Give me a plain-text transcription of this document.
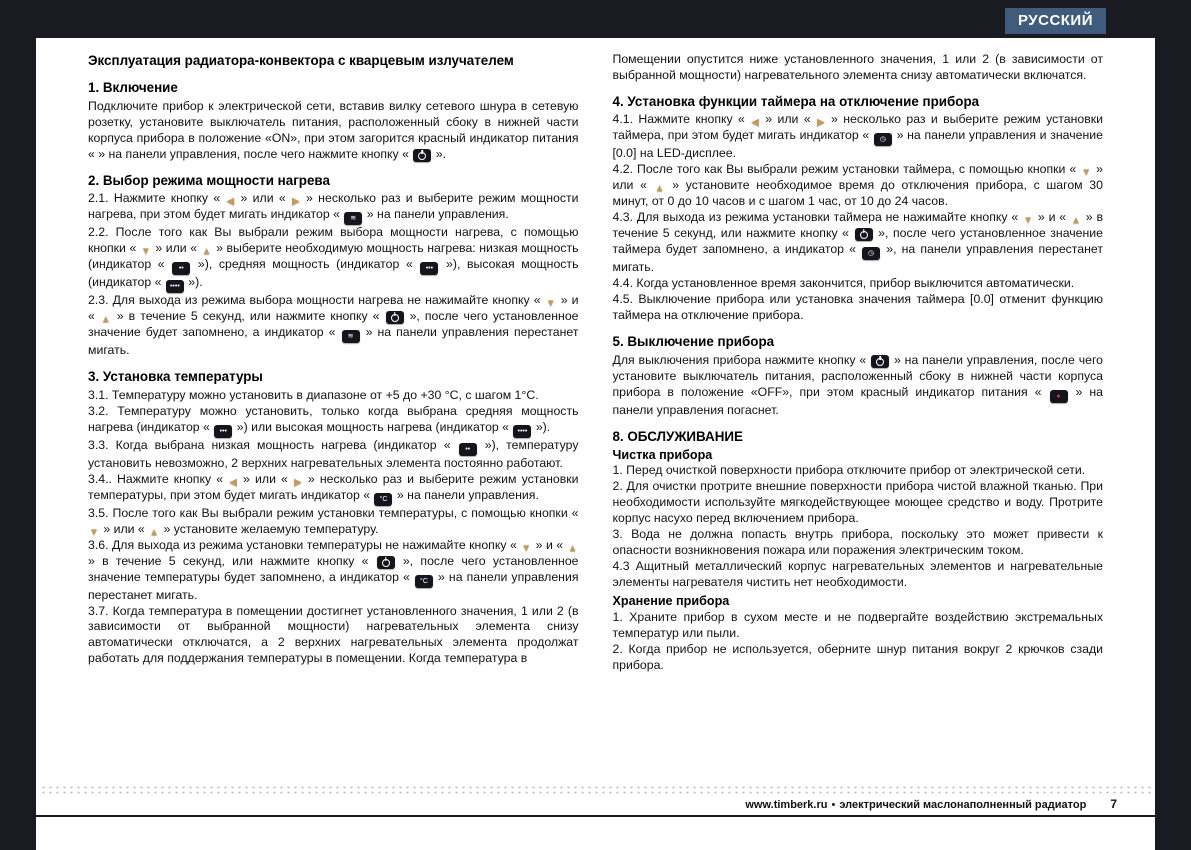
РУССКИЙ
Эксплуатация радиатора-конвектора с кварцевым излучателем
1. Включение

Подключите прибор к электрической сети, вставив вилку сетевого шнура в сетевую розетку, установите выключатель питания, расположенный сбоку в нижней части корпуса прибора в положение «ON», при этом загорится красный индикатор питания « » на панели управления, после чего нажмите кнопку «  ».

2. Выбор режима мощности нагрева

2.1. Нажмите кнопку « ◀ » или « ▶ » несколько раз и выберите режим мощности нагрева, при этом будет мигать индикатор « ≋ » на панели управления.

2.2. После того как Вы выбрали режим выбора мощности нагрева, с помощью кнопки « ▼ » или « ▲ » выберите необходимую мощность нагрева: низкая мощность (индикатор « •• »), средняя мощность (индикатор « ••• »), высокая мощность (индикатор « •••• »).

2.3. Для выхода из режима выбора мощности нагрева не нажимайте кнопку « ▼ » и « ▲ » в течение 5 секунд, или нажмите кнопку «  », после чего установленное значение будет запомнено, а индикатор « ≋ » на панели управления перестанет мигать.

3. Установка температуры

3.1. Температуру можно установить в диапазоне от +5 до +30 °C, с шагом 1°C.

3.2. Температуру можно установить, только когда выбрана средняя мощность нагрева (индикатор « ••• ») или высокая мощность нагрева (индикатор « •••• »).

3.3. Когда выбрана низкая мощность нагрева (индикатор « •• »), температуру установить невозможно, 2 верхних нагревательных элемента постоянно работают.

3.4.. Нажмите кнопку « ◀ » или « ▶ » несколько раз и выберите режим установки температуры, при этом будет мигать индикатор « °C » на панели управления.

3.5. После того как Вы выбрали режим установки температуры, с помощью кнопки « ▼ » или « ▲ » установите желаемую температуру.

3.6. Для выхода из режима установки температуры не нажимайте кнопку « ▼ » и « ▲ » в течение 5 секунд, или нажмите кнопку «  », после чего установленное значение температуры будет запомнено, а индикатор « °C » на панели управления перестанет мигать.

3.7. Когда температура в помещении достигнет установленного значения, 1 или 2 (в зависимости от выбранной мощности) нагревательных элемента снизу автоматически отключатся, а 2 верхних нагревательных элемента продолжат работать для поддержания температуры в помещении. Когда температура в

Помещении опустится ниже установленного значения, 1 или 2 (в зависимости от выбранной мощности) нагревательного элемента снизу автоматически включатся.

4. Установка функции таймера на отключение прибора

4.1. Нажмите кнопку « ◀ » или « ▶ » несколько раз и выберите режим установки таймера, при этом будет мигать индикатор « ◷ » на панели управления и значение [0.0] на LED-дисплее.

4.2. После того как Вы выбрали режим установки таймера, с помощью кнопки « ▼ » или « ▲ » установите необходимое время до отключения прибора, с шагом 30 минут, от 0 до 10 часов и с шагом 1 час, от 10 до 24 часов.

4.3. Для выхода из режима установки таймера не нажимайте кнопку « ▼ » и « ▲ » в течение 5 секунд, или нажмите кнопку «  », после чего установленное значение таймера будет запомнено, а индикатор « ◷ », на панели управления перестанет мигать.

4.4. Когда установленное время закончится, прибор выключится автоматически.

4.5. Выключение прибора или установка значения таймера [0.0] отменит функцию таймера на отключение прибора.

5. Выключение прибора

Для выключения прибора нажмите кнопку «  » на панели управления, после чего установите выключатель питания, расположенный сбоку в нижней части корпуса прибора в положение «OFF», при этом красный индикатор питания « ● » на панели управления погаснет.

8. ОБСЛУЖИВАНИЕ
Чистка прибора

1. Перед очисткой поверхности прибора отключите прибор от электрической сети.

2. Для очистки протрите внешние поверхности прибора чистой влажной тканью. При необходимости используйте мягкодействующее моющее средство и воду. Протрите корпус насухо перед включением прибора.

3. Вода не должна попасть внутрь прибора, поскольку это может привести к опасности возникновения пожара или поражения электрическим током.

4.3 Ащитный металлический корпус нагревательных элементов и нагревательные элементы нагревателя чистить нет необходимости.

Хранение прибора

1. Храните прибор в сухом месте и не подвергайте воздействию экстремальных температур или пыли.

2. Когда прибор не используется, оберните шнур питания вокруг 2 крючков сзади прибора.

www.timberk.ru • электрический маслонаполненный радиатор 7
